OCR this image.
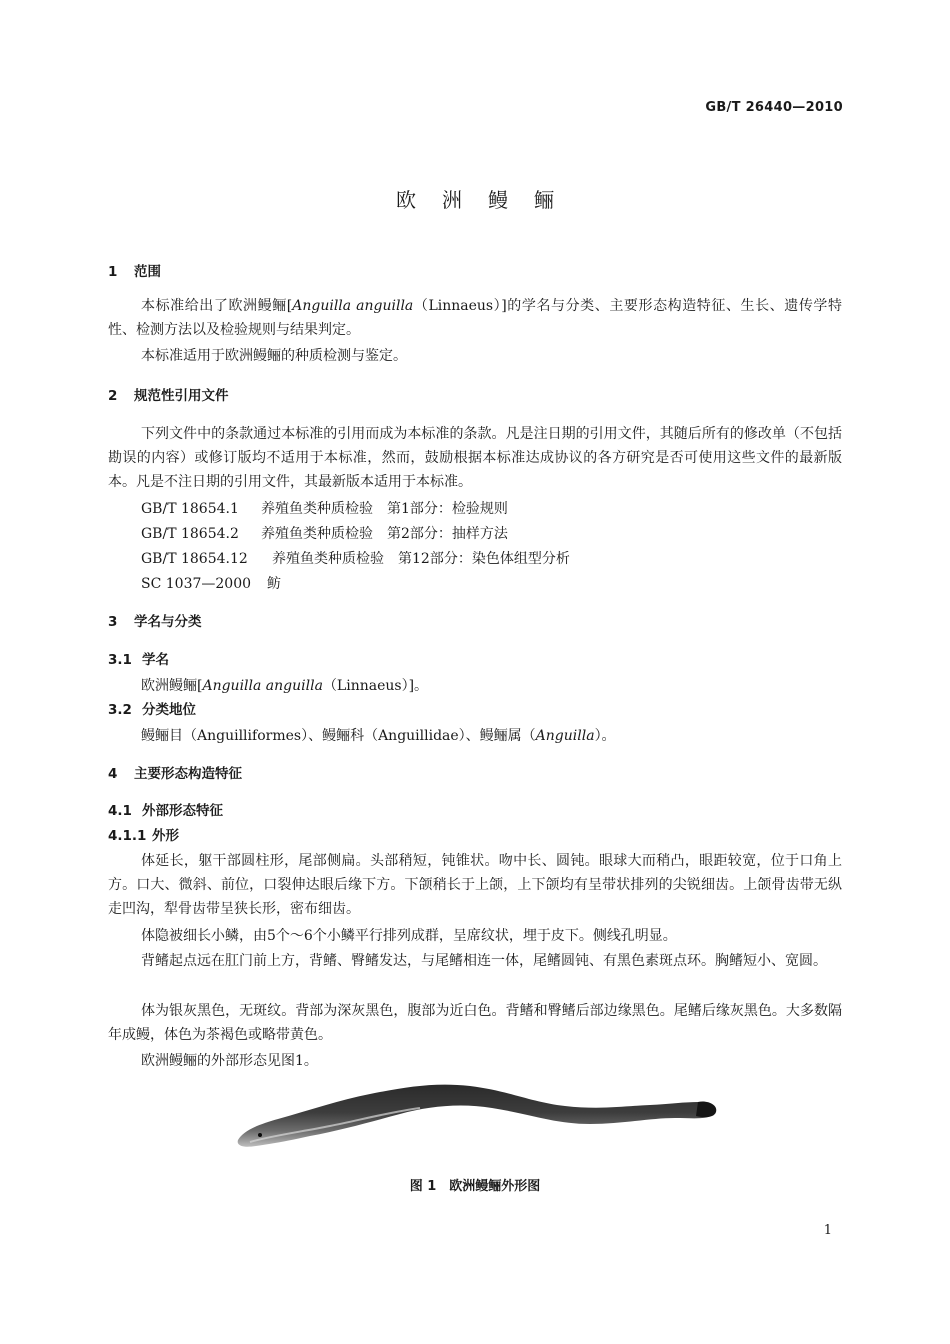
GB/T 26440—2010
欧洲鳗鲡
1 范围

本标准给出了欧洲鳗鲡[Anguilla anguilla（Linnaeus）]的学名与分类、主要形态构造特征、生长、遗传学特性、检测方法以及检验规则与结果判定。

本标准适用于欧洲鳗鲡的种质检测与鉴定。

2 规范性引用文件

下列文件中的条款通过本标准的引用而成为本标准的条款。凡是注日期的引用文件，其随后所有的修改单（不包括勘误的内容）或修订版均不适用于本标准，然而，鼓励根据本标准达成协议的各方研究是否可使用这些文件的最新版本。凡是不注日期的引用文件，其最新版本适用于本标准。

GB/T 18654.1 养殖鱼类种质检验　第1部分：检验规则
GB/T 18654.2 养殖鱼类种质检验　第2部分：抽样方法
GB/T 18654.12 养殖鱼类种质检验　第12部分：染色体组型分析
SC 1037—2000 鲂
3 学名与分类
3.1 学名
欧洲鳗鲡[Anguilla anguilla（Linnaeus）]。
3.2 分类地位
鳗鲡目（Anguilliformes）、鳗鲡科（Anguillidae）、鳗鲡属（Anguilla）。
4 主要形态构造特征
4.1 外部形态特征
4.1.1 外形

体延长，躯干部圆柱形，尾部侧扁。头部稍短，钝锥状。吻中长、圆钝。眼球大而稍凸，眼距较宽，位于口角上方。口大、微斜、前位，口裂伸达眼后缘下方。下颌稍长于上颌，上下颌均有呈带状排列的尖锐细齿。上颌骨齿带无纵走凹沟，犁骨齿带呈狭长形，密布细齿。

体隐被细长小鳞，由5个～6个小鳞平行排列成群，呈席纹状，埋于皮下。侧线孔明显。

背鳍起点远在肛门前上方，背鳍、臀鳍发达，与尾鳍相连一体，尾鳍圆钝、有黑色素斑点环。胸鳍短小、宽圆。

体为银灰黑色，无斑纹。背部为深灰黑色，腹部为近白色。背鳍和臀鳍后部边缘黑色。尾鳍后缘灰黑色。大多数隔年成鳗，体色为茶褐色或略带黄色。

欧洲鳗鲡的外部形态见图1。

图 1　欧洲鳗鲡外形图
1
